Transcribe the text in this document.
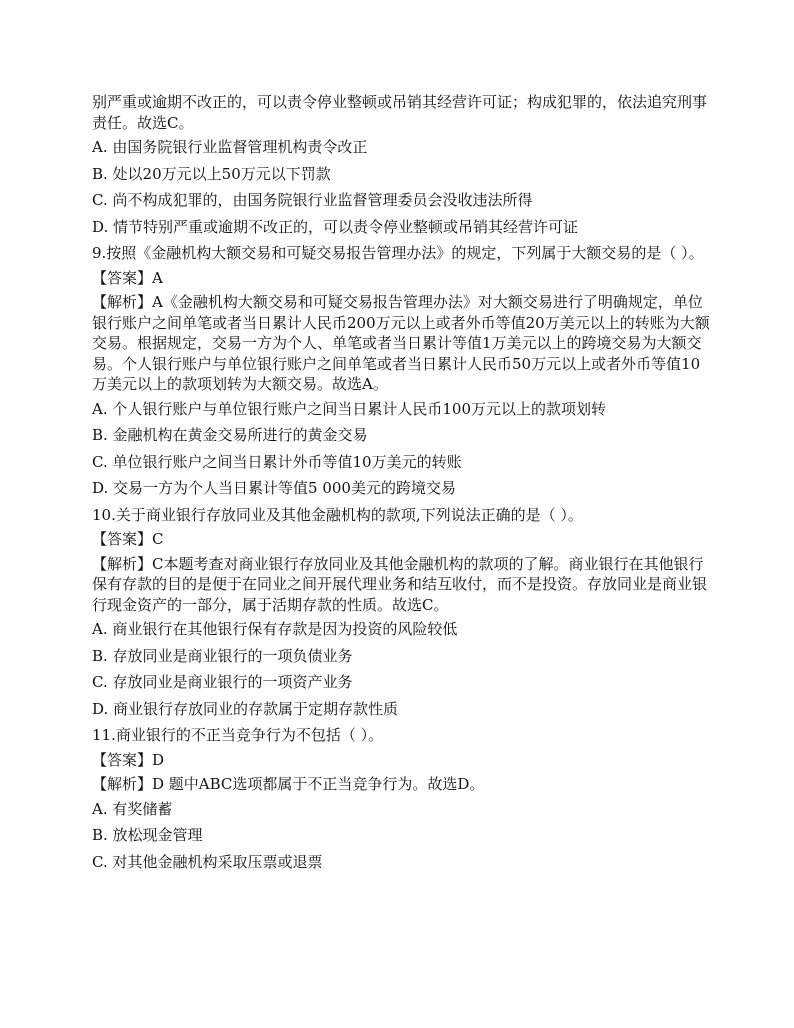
别严重或逾期不改正的，可以责令停业整顿或吊销其经营许可证；构成犯罪的，依法追究刑事责任。故选C。

A. 由国务院银行业监督管理机构责令改正

B. 处以20万元以上50万元以下罚款

C. 尚不构成犯罪的，由国务院银行业监督管理委员会没收违法所得

D. 情节特别严重或逾期不改正的，可以责令停业整顿或吊销其经营许可证

9.按照《金融机构大额交易和可疑交易报告管理办法》的规定，下列属于大额交易的是（ ）。

【答案】A

【解析】A《金融机构大额交易和可疑交易报告管理办法》对大额交易进行了明确规定，单位银行账户之间单笔或者当日累计人民币200万元以上或者外币等值20万美元以上的转账为大额交易。根据规定，交易一方为个人、单笔或者当日累计等值1万美元以上的跨境交易为大额交易。个人银行账户与单位银行账户之间单笔或者当日累计人民币50万元以上或者外币等值10万美元以上的款项划转为大额交易。故选A。

A. 个人银行账户与单位银行账户之间当日累计人民币100万元以上的款项划转

B. 金融机构在黄金交易所进行的黄金交易

C. 单位银行账户之间当日累计外币等值10万美元的转账

D. 交易一方为个人当日累计等值5 000美元的跨境交易

10.关于商业银行存放同业及其他金融机构的款项,下列说法正确的是（ ）。

【答案】C

【解析】C本题考查对商业银行存放同业及其他金融机构的款项的了解。商业银行在其他银行保有存款的目的是便于在同业之间开展代理业务和结互收付，而不是投资。存放同业是商业银行现金资产的一部分，属于活期存款的性质。故选C。

A. 商业银行在其他银行保有存款是因为投资的风险较低

B. 存放同业是商业银行的一项负债业务

C. 存放同业是商业银行的一项资产业务

D. 商业银行存放同业的存款属于定期存款性质

11.商业银行的不正当竞争行为不包括（ ）。

【答案】D

【解析】D 题中ABC选项都属于不正当竞争行为。故选D。

A. 有奖储蓄

B. 放松现金管理

C. 对其他金融机构采取压票或退票
